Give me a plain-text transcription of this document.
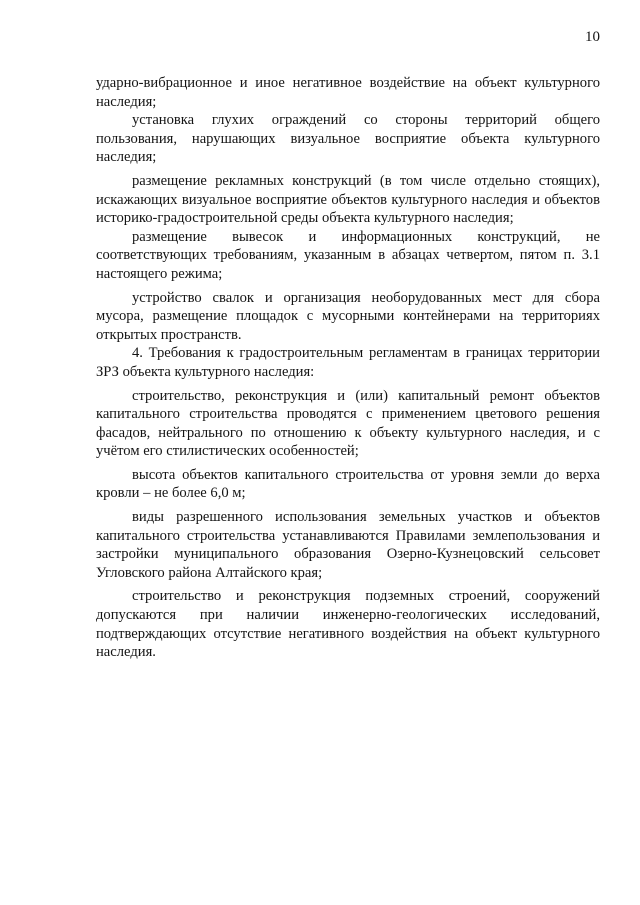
10

ударно-вибрационное и иное негативное воздействие на объект культурного наследия;

установка глухих ограждений со стороны территорий общего пользования, нарушающих визуальное восприятие объекта культурного наследия;

размещение рекламных конструкций (в том числе отдельно стоящих), искажающих визуальное восприятие объектов культурного наследия и объектов историко-градостроительной среды объекта культурного наследия;

размещение вывесок и информационных конструкций, не соответствующих требованиям, указанным в абзацах четвертом, пятом п. 3.1 настоящего режима;

устройство свалок и организация необорудованных мест для сбора мусора, размещение площадок с мусорными контейнерами на территориях открытых пространств.

4. Требования к градостроительным регламентам в границах территории ЗРЗ объекта культурного наследия:

строительство, реконструкция и (или) капитальный ремонт объектов капитального строительства проводятся с применением цветового решения фасадов, нейтрального по отношению к объекту культурного наследия, и с учётом его стилистических особенностей;

высота объектов капитального строительства от уровня земли до верха кровли – не более 6,0 м;

виды разрешенного использования земельных участков и объектов капитального строительства устанавливаются Правилами землепользования и застройки муниципального образования Озерно-Кузнецовский сельсовет Угловского района Алтайского края;

строительство и реконструкция подземных строений, сооружений допускаются при наличии инженерно-геологических исследований, подтверждающих отсутствие негативного воздействия на объект культурного наследия.
